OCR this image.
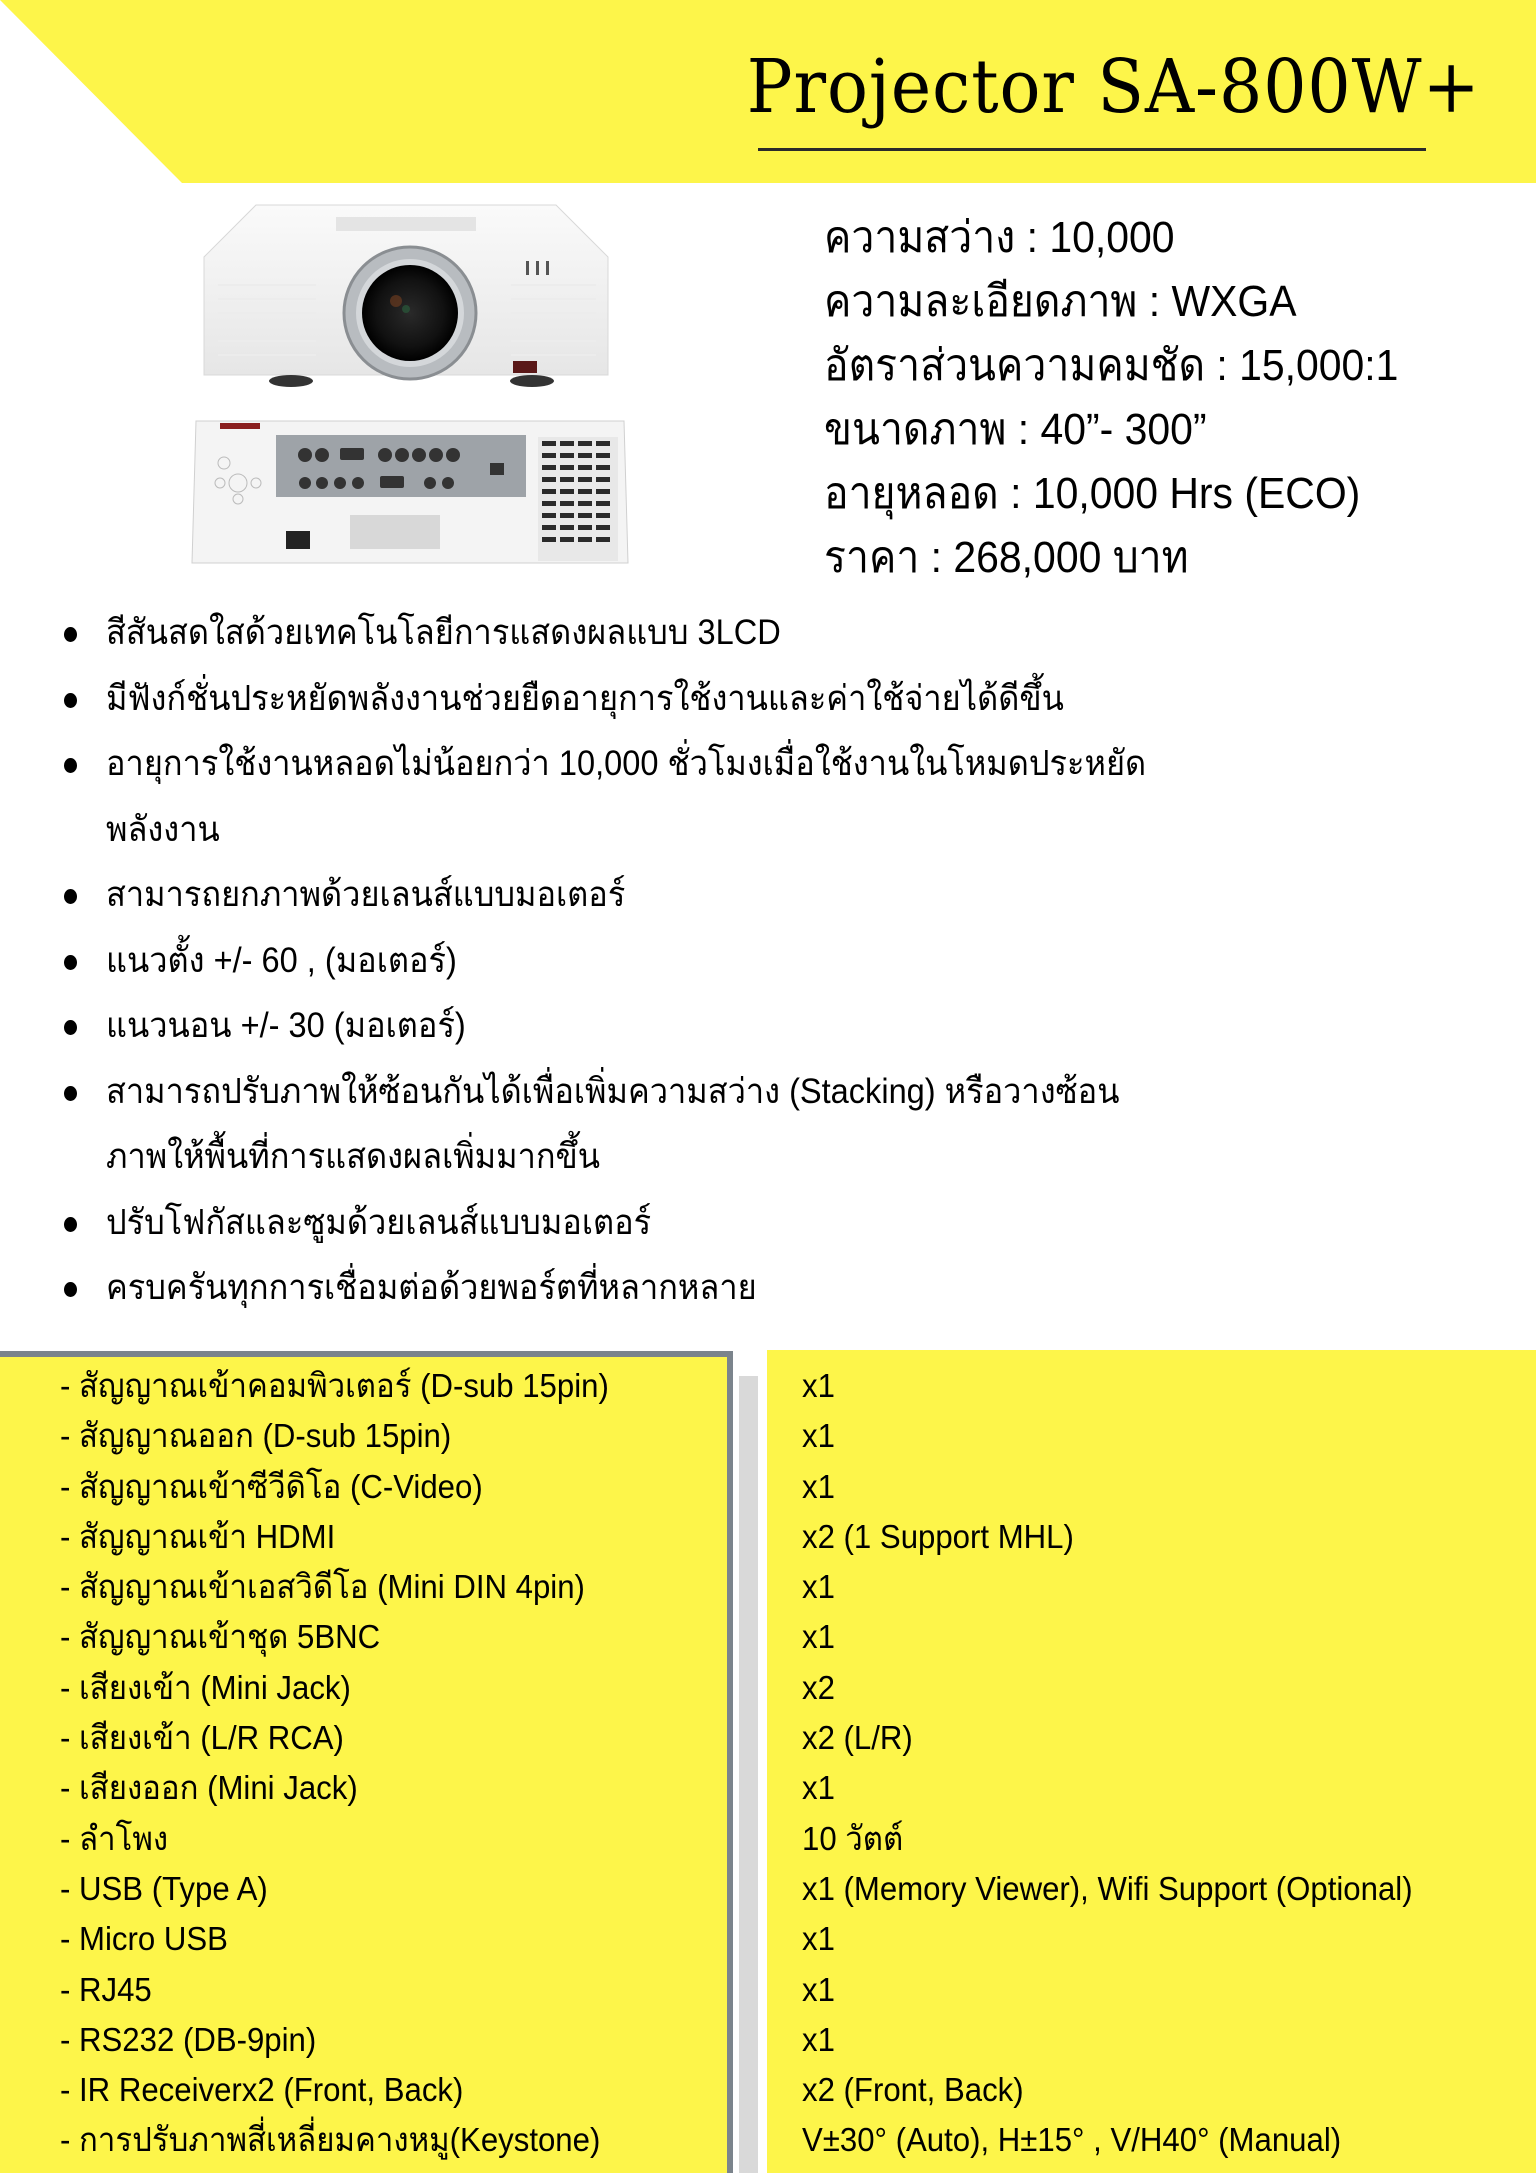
Projector SA-800W+
ความสว่าง : 10,000
ความละเอียดภาพ : WXGA
อัตราส่วนความคมชัด : 15,000:1
ขนาดภาพ : 40”- 300”
อายุหลอด : 10,000 Hrs (ECO)
ราคา : 268,000 บาท
สีสันสดใสด้วยเทคโนโลยีการแสดงผลแบบ 3LCD
มีฟังก์ชั่นประหยัดพลังงานช่วยยืดอายุการใช้งานและค่าใช้จ่ายได้ดีขึ้น
อายุการใช้งานหลอดไม่น้อยกว่า 10,000 ชั่วโมงเมื่อใช้งานในโหมดประหยัด
พลังงาน
สามารถยกภาพด้วยเลนส์แบบมอเตอร์
แนวตั้ง +/- 60 , (มอเตอร์)
แนวนอน +/- 30 (มอเตอร์)
สามารถปรับภาพให้ซ้อนกันได้เพื่อเพิ่มความสว่าง (Stacking) หรือวางซ้อน
ภาพให้พื้นที่การแสดงผลเพิ่มมากขึ้น
ปรับโฟกัสและซูมด้วยเลนส์แบบมอเตอร์
ครบครันทุกการเชื่อมต่อด้วยพอร์ตที่หลากหลาย
- สัญญาณเข้าคอมพิวเตอร์ (D-sub 15pin)
- สัญญาณออก (D-sub 15pin)
- สัญญาณเข้าซีวีดิโอ (C-Video)
- สัญญาณเข้า HDMI
- สัญญาณเข้าเอสวิดีโอ (Mini DIN 4pin)
- สัญญาณเข้าชุด 5BNC
- เสียงเข้า (Mini Jack)
- เสียงเข้า (L/R RCA)
- เสียงออก (Mini Jack)
- ลำโพง
- USB (Type A)
- Micro USB
- RJ45
- RS232 (DB-9pin)
- IR Receiverx2 (Front, Back)
- การปรับภาพสี่เหลี่ยมคางหมู(Keystone)
x1
x1
x1
x2 (1 Support MHL)
x1
x1
x2
x2 (L/R)
x1
10 วัตต์
x1 (Memory Viewer), Wifi Support (Optional)
x1
x1
x1
x2 (Front, Back)
V±30° (Auto), H±15° , V/H40° (Manual)
